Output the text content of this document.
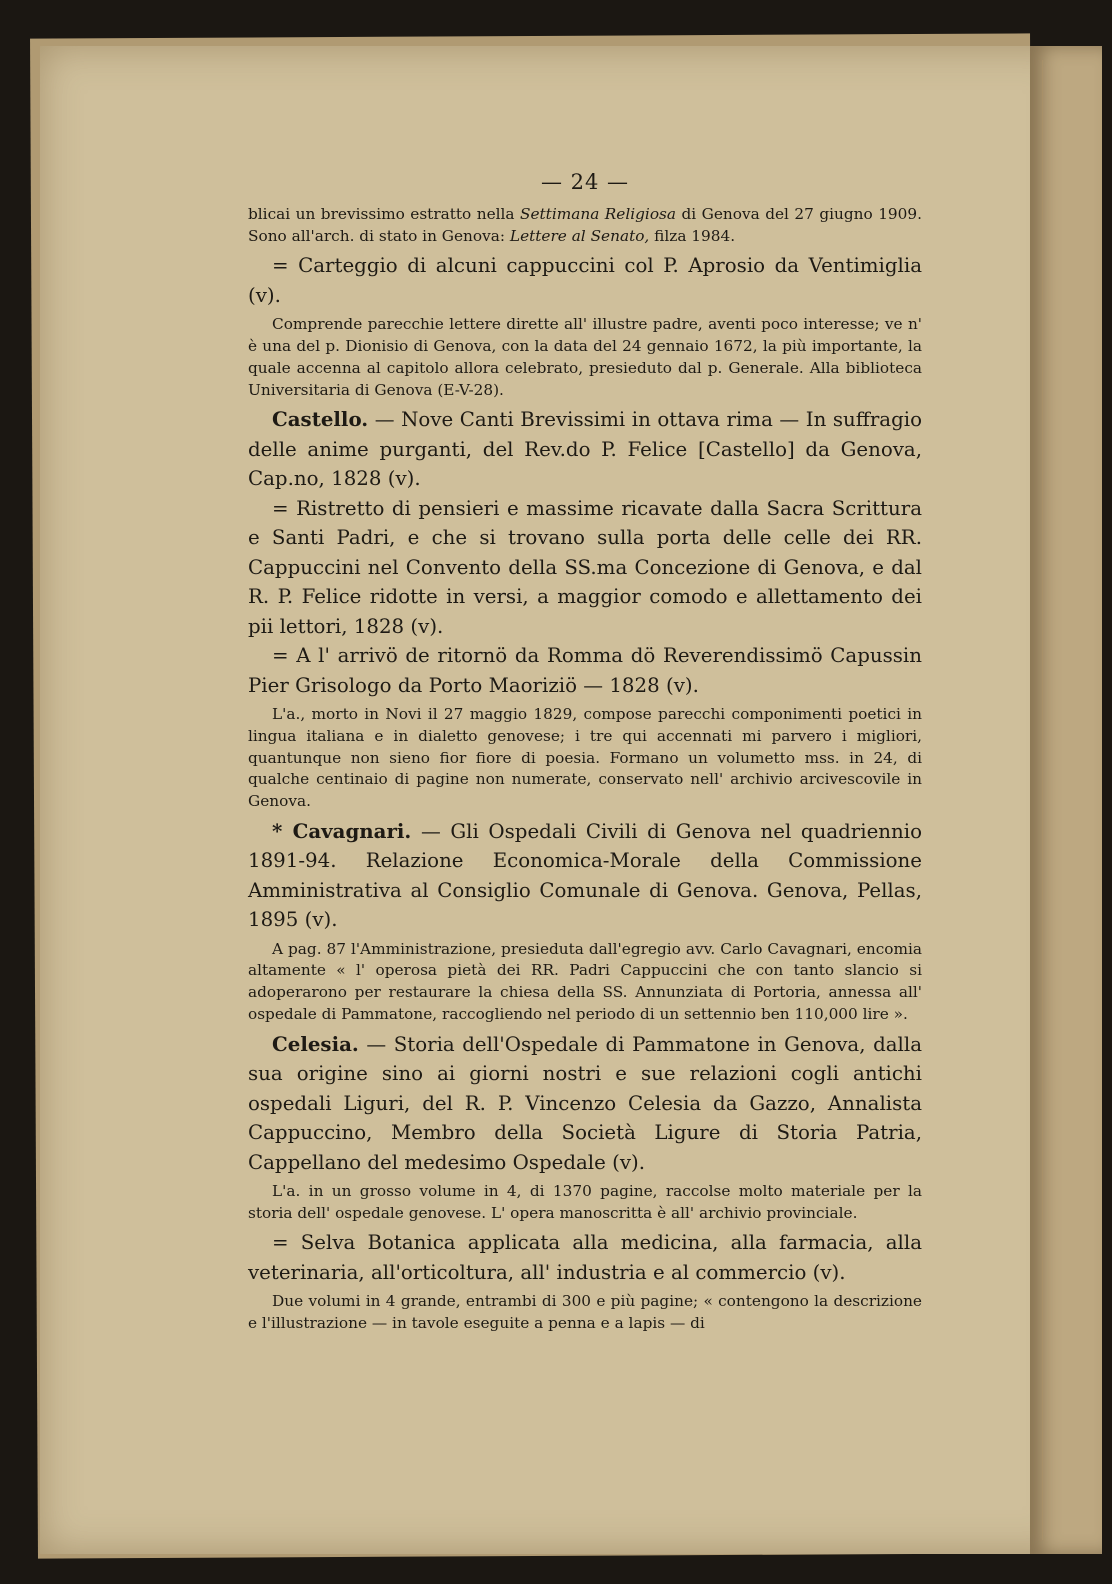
— 24 —

blicai un brevissimo estratto nella Settimana Religiosa di Genova del 27 giugno 1909. Sono all'arch. di stato in Genova: Lettere al Senato, filza 1984.

= Carteggio di alcuni cappuccini col P. Aprosio da Ventimiglia (v).

Comprende parecchie lettere dirette all' illustre padre, aventi poco interesse; ve n' è una del p. Dionisio di Genova, con la data del 24 gennaio 1672, la più importante, la quale accenna al capitolo allora celebrato, presieduto dal p. Generale. Alla biblioteca Universitaria di Genova (E-V-28).

Castello. — Nove Canti Brevissimi in ottava rima — In suffragio delle anime purganti, del Rev.do P. Felice [Castello] da Genova, Cap.no, 1828 (v).

= Ristretto di pensieri e massime ricavate dalla Sacra Scrittura e Santi Padri, e che si trovano sulla porta delle celle dei RR. Cappuccini nel Convento della SS.ma Concezione di Genova, e dal R. P. Felice ridotte in versi, a maggior comodo e allettamento dei pii lettori, 1828 (v).

= A l' arrivö de ritornö da Romma dö Reverendissimö Capussin Pier Grisologo da Porto Maoriziö — 1828 (v).

L'a., morto in Novi il 27 maggio 1829, compose parecchi componimenti poetici in lingua italiana e in dialetto genovese; i tre qui accennati mi parvero i migliori, quantunque non sieno fior fiore di poesia. Formano un volumetto mss. in 24, di qualche centinaio di pagine non numerate, conservato nell' archivio arcivescovile in Genova.

* Cavagnari. — Gli Ospedali Civili di Genova nel quadriennio 1891-94. Relazione Economica-Morale della Commissione Amministrativa al Consiglio Comunale di Genova. Genova, Pellas, 1895 (v).

A pag. 87 l'Amministrazione, presieduta dall'egregio avv. Carlo Cavagnari, encomia altamente « l' operosa pietà dei RR. Padri Cappuccini che con tanto slancio si adoperarono per restaurare la chiesa della SS. Annunziata di Portoria, annessa all' ospedale di Pammatone, raccogliendo nel periodo di un settennio ben 110,000 lire ».

Celesia. — Storia dell'Ospedale di Pammatone in Genova, dalla sua origine sino ai giorni nostri e sue relazioni cogli antichi ospedali Liguri, del R. P. Vincenzo Celesia da Gazzo, Annalista Cappuccino, Membro della Società Ligure di Storia Patria, Cappellano del medesimo Ospedale (v).

L'a. in un grosso volume in 4, di 1370 pagine, raccolse molto materiale per la storia dell' ospedale genovese. L' opera manoscritta è all' archivio provinciale.

= Selva Botanica applicata alla medicina, alla farmacia, alla veterinaria, all'orticoltura, all' industria e al commercio (v).

Due volumi in 4 grande, entrambi di 300 e più pagine; « contengono la descrizione e l'illustrazione — in tavole eseguite a penna e a lapis — di
